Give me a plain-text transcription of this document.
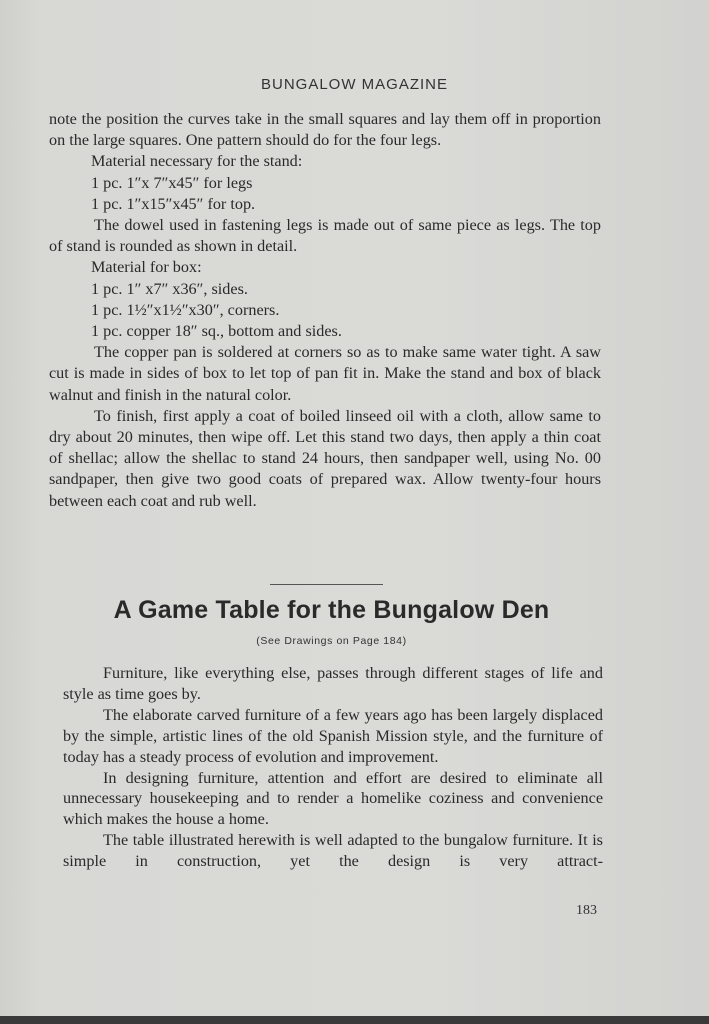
BUNGALOW MAGAZINE

note the position the curves take in the small squares and lay them off in proportion on the large squares. One pattern should do for the four legs.

Material necessary for the stand:

1 pc. 1″x 7″x45″ for legs

1 pc. 1″x15″x45″ for top.

The dowel used in fastening legs is made out of same piece as legs. The top of stand is rounded as shown in detail.

Material for box:

1 pc. 1″ x7″ x36″, sides.

1 pc. 1½″x1½″x30″, corners.

1 pc. copper 18″ sq., bottom and sides.

The copper pan is soldered at corners so as to make same water tight. A saw cut is made in sides of box to let top of pan fit in. Make the stand and box of black walnut and finish in the natural color.

To finish, first apply a coat of boiled linseed oil with a cloth, allow same to dry about 20 minutes, then wipe off. Let this stand two days, then apply a thin coat of shellac; allow the shellac to stand 24 hours, then sandpaper well, using No. 00 sandpaper, then give two good coats of prepared wax. Allow twenty-four hours between each coat and rub well.

A Game Table for the Bungalow Den
(See Drawings on Page 184)

Furniture, like everything else, passes through different stages of life and style as time goes by.

The elaborate carved furniture of a few years ago has been largely displaced by the simple, artistic lines of the old Spanish Mission style, and the furniture of today has a steady process of evolution and improvement.

In designing furniture, attention and effort are desired to eliminate all unnecessary housekeeping and to render a homelike coziness and convenience which makes the house a home.

The table illustrated herewith is well adapted to the bungalow furniture. It is simple in construction, yet the design is very attract-

183
